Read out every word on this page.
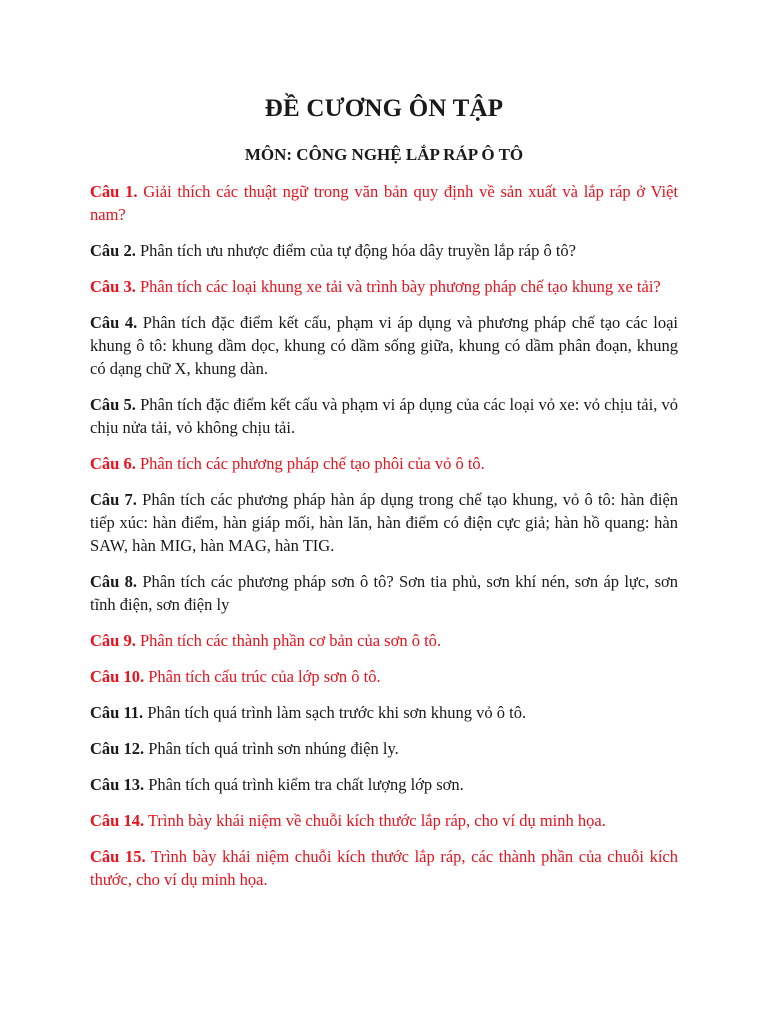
ĐỀ CƯƠNG ÔN TẬP
MÔN: CÔNG NGHỆ LẮP RÁP Ô TÔ

Câu 1. Giải thích các thuật ngữ trong văn bản quy định về sản xuất và lắp ráp ở Việt nam?

Câu 2. Phân tích ưu nhược điểm của tự động hóa dây truyền lắp ráp ô tô?

Câu 3. Phân tích các loại khung xe tải và trình bày phương pháp chế tạo khung xe tải?

Câu 4. Phân tích đặc điểm kết cấu, phạm vi áp dụng và phương pháp chế tạo các loại khung ô tô: khung dầm dọc, khung có dầm sống giữa, khung có dầm phân đoạn, khung có dạng chữ X, khung dàn.

Câu 5. Phân tích đặc điểm kết cấu và phạm vi áp dụng của các loại vỏ xe: vỏ chịu tải, vỏ chịu nửa tải, vỏ không chịu tải.

Câu 6. Phân tích các phương pháp chế tạo phôi của vỏ ô tô.

Câu 7. Phân tích các phương pháp hàn áp dụng trong chế tạo khung, vỏ ô tô: hàn điện tiếp xúc: hàn điểm, hàn giáp mối, hàn lăn, hàn điểm có điện cực giả; hàn hồ quang: hàn SAW, hàn MIG, hàn MAG, hàn TIG.

Câu 8. Phân tích các phương pháp sơn ô tô? Sơn tia phủ, sơn khí nén, sơn áp lực, sơn tĩnh điện, sơn điện ly

Câu 9. Phân tích các thành phần cơ bản của sơn ô tô.

Câu 10. Phân tích cấu trúc của lớp sơn ô tô.

Câu 11. Phân tích quá trình làm sạch trước khi sơn khung vỏ ô tô.

Câu 12. Phân tích quá trình sơn nhúng điện ly.

Câu 13. Phân tích quá trình kiểm tra chất lượng lớp sơn.

Câu 14. Trình bày khái niệm về chuỗi kích thước lắp ráp, cho ví dụ minh họa.

Câu 15. Trình bày khái niệm chuỗi kích thước lắp ráp, các thành phần của chuỗi kích thước, cho ví dụ minh họa.
